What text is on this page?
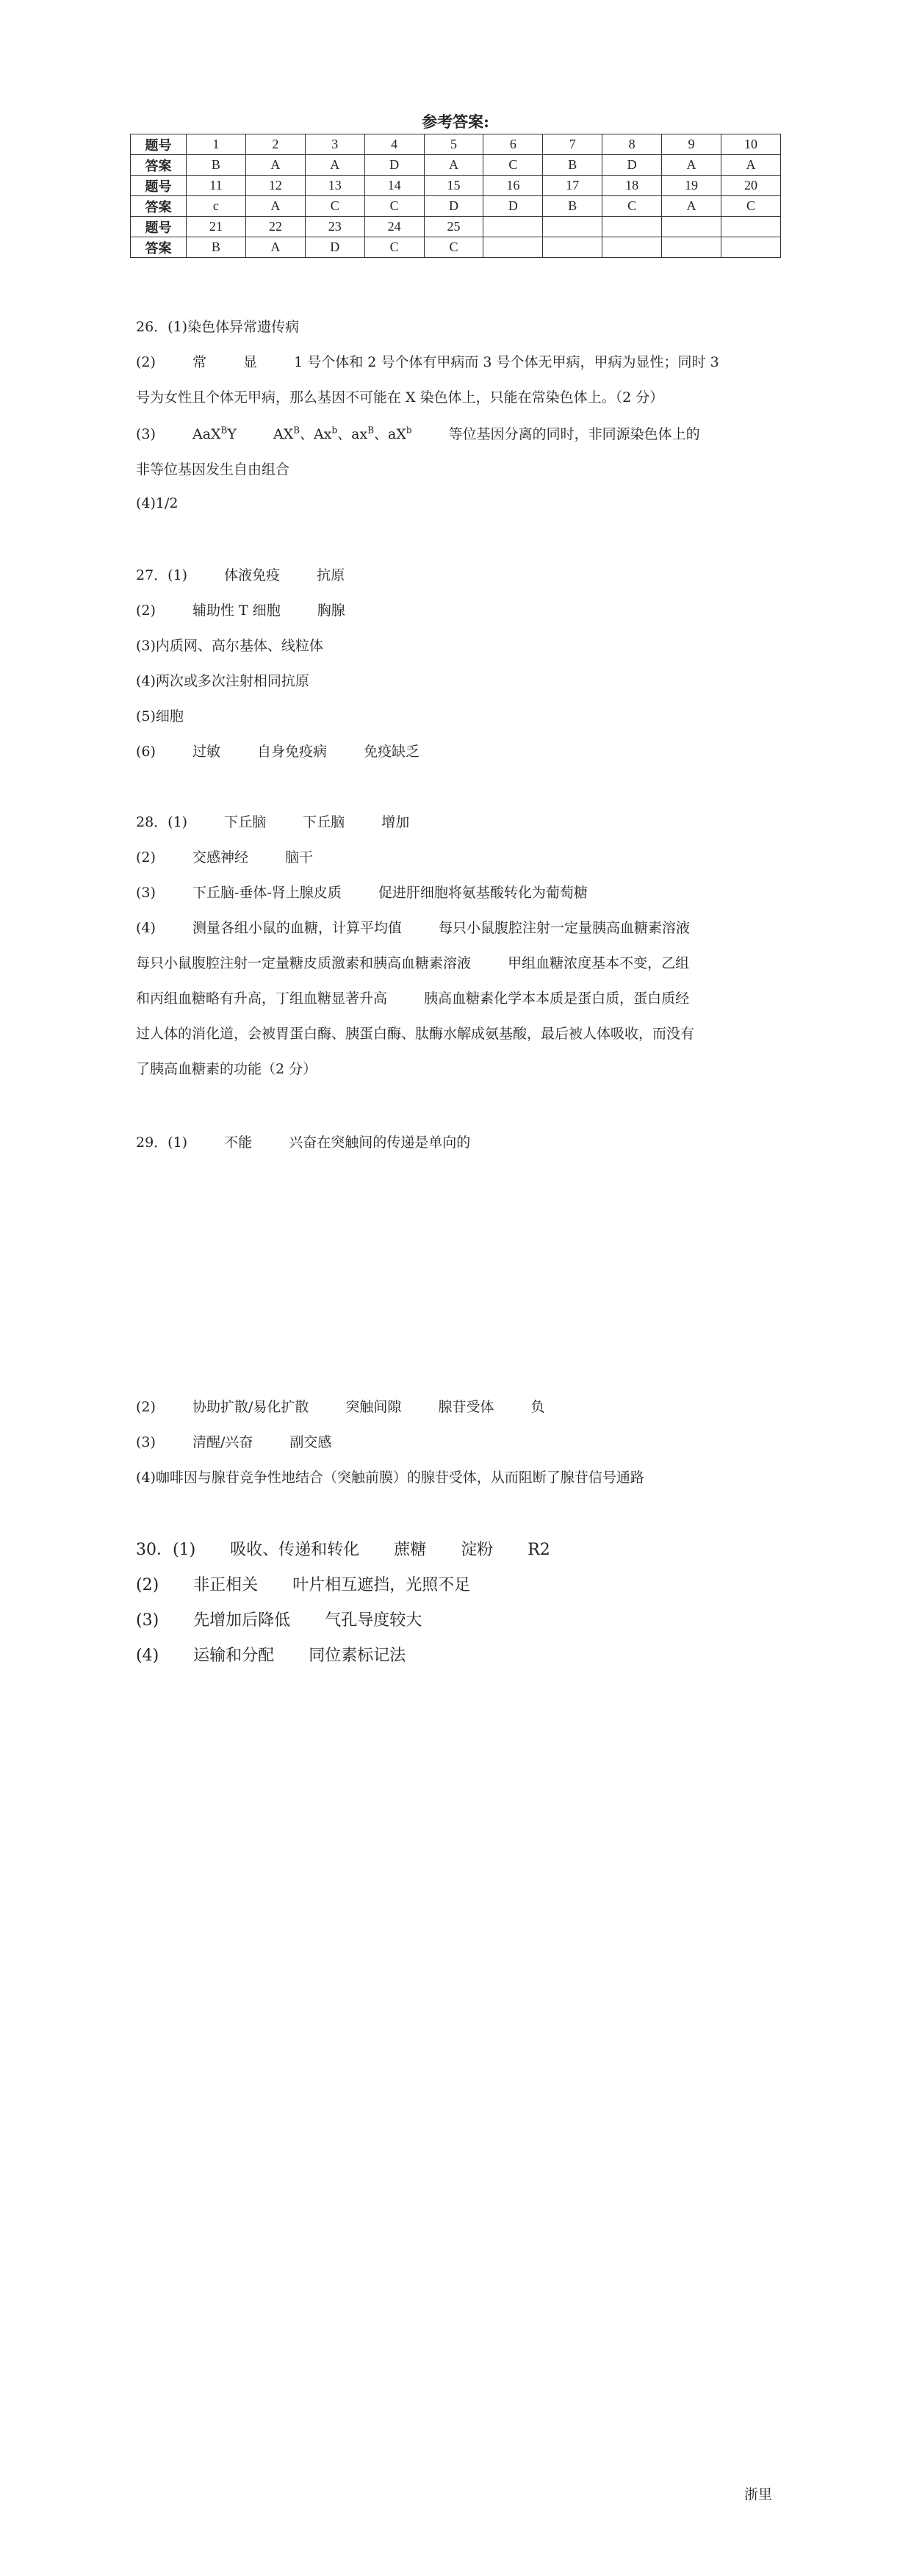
参考答案:
题号	1	2	3	4	5	6	7	8	9	10
答案	B	A	A	D	A	C	B	D	A	A
题号	11	12	13	14	15	16	17	18	19	20
答案	c	A	C	C	D	D	B	C	A	C
题号	21	22	23	24	25					
答案	B	A	D	C	C					
26．(1)染色体异常遗传病
(2)	常	显	1 号个体和 2 号个体有甲病而 3 号个体无甲病，甲病为显性；同时 3
号为女性且个体无甲病，那么基因不可能在 X 染色体上，只能在常染色体上。（2 分）
(3)	AaX$^B$Y	$AX^B$、Ax$^b$、$ax^B$、$aX^b$	等位基因分离的同时，非同源染色体上的
非等位基因发生自由组合
(4)1/2
27．(1)	体液免疫	抗原
(2)	辅助性 T 细胞	胸腺
(3)内质网、高尔基体、线粒体
(4)两次或多次注射相同抗原
(5)细胞
(6)	过敏	自身免疫病	免疫缺乏
28．(1)	下丘脑	下丘脑	增加
(2)	交感神经	脑干
(3)	下丘脑-垂体-肾上腺皮质	促进肝细胞将氨基酸转化为葡萄糖
(4)	测量各组小鼠的血糖，计算平均值	每只小鼠腹腔注射一定量胰高血糖素溶液
每只小鼠腹腔注射一定量糖皮质激素和胰高血糖素溶液	甲组血糖浓度基本不变，乙组
和丙组血糖略有升高，丁组血糖显著升高	胰高血糖素化学本本质是蛋白质，蛋白质经
过人体的消化道，会被胃蛋白酶、胰蛋白酶、肽酶水解成氨基酸，最后被人体吸收，而没有
了胰高血糖素的功能（2 分）
29．(1)	不能	兴奋在突触间的传递是单向的
(2)	协助扩散/易化扩散	突触间隙	腺苷受体	负
(3)	清醒/兴奋	副交感
(4)咖啡因与腺苷竞争性地结合（突触前膜）的腺苷受体，从而阻断了腺苷信号通路
30．(1) 吸收、传递和转化 蔗糖 淀粉 R2
(2) 非正相关 叶片相互遮挡，光照不足
(3) 先增加后降低 气孔导度较大
(4) 运输和分配 同位素标记法
浙里
